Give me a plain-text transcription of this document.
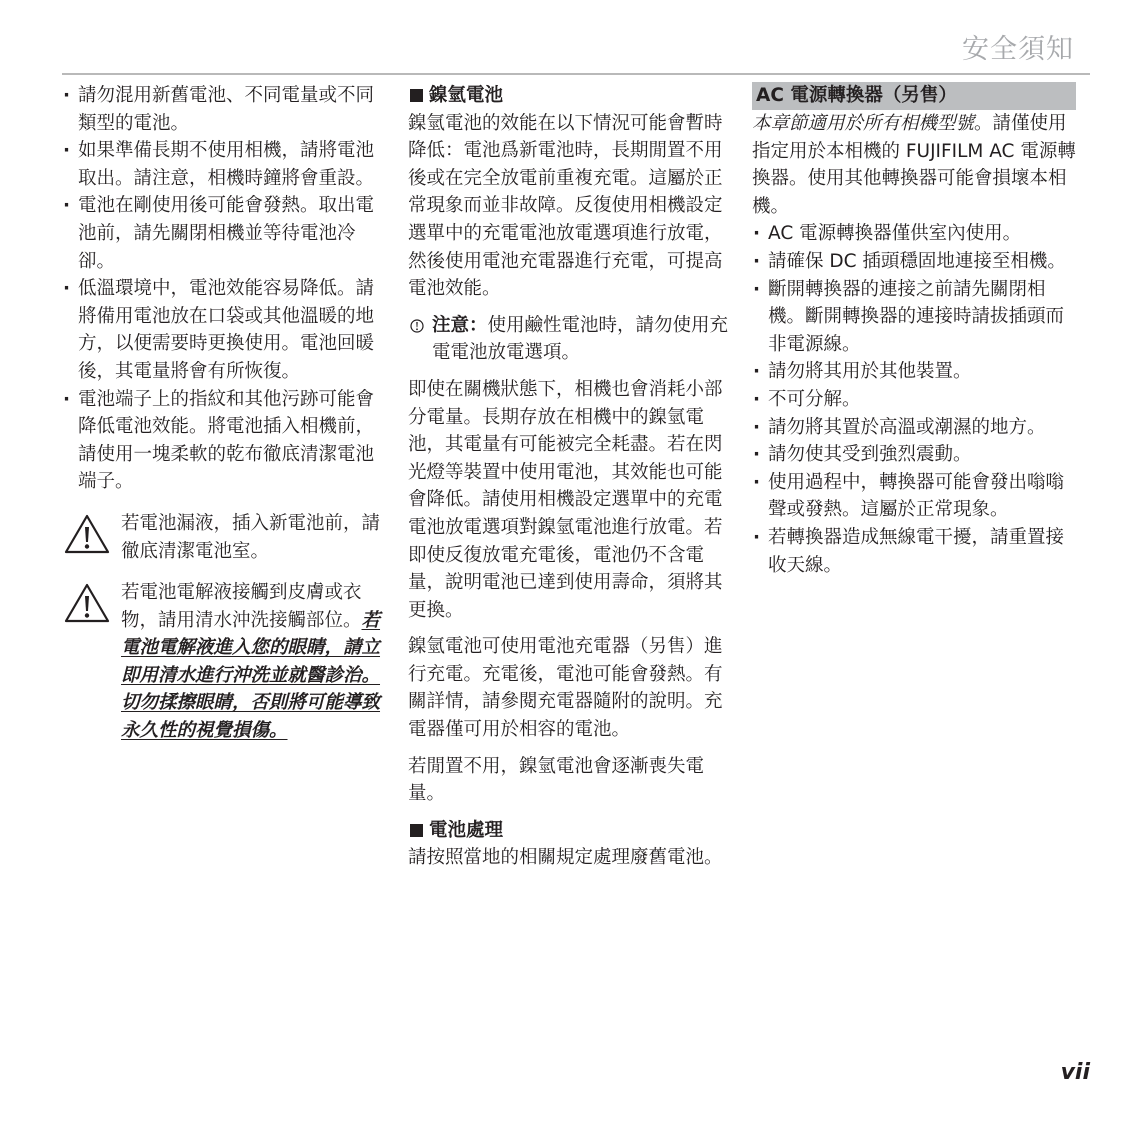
安全須知
· 請勿混用新舊電池、不同電量或不同類型的電池。
· 如果準備長期不使用相機，請將電池取出。請注意，相機時鐘將會重設。
· 電池在剛使用後可能會發熱。取出電池前，請先關閉相機並等待電池冷卻。
· 低溫環境中，電池效能容易降低。請將備用電池放在口袋或其他溫暖的地方，以便需要時更換使用。電池回暖後，其電量將會有所恢復。
· 電池端子上的指紋和其他污跡可能會降低電池效能。將電池插入相機前，請使用一塊柔軟的乾布徹底清潔電池端子。
若電池漏液，插入新電池前，請徹底清潔電池室。
若電池電解液接觸到皮膚或衣物，請用清水沖洗接觸部位。若電池電解液進入您的眼睛，請立即用清水進行沖洗並就醫診治。切勿揉擦眼睛，否則將可能導致永久性的視覺損傷。
鎳氫電池

鎳氫電池的效能在以下情況可能會暫時降低：電池爲新電池時，長期閒置不用後或在完全放電前重複充電。這屬於正常現象而並非故障。反復使用相機設定選單中的充電電池放電選項進行放電，然後使用電池充電器進行充電，可提高電池效能。

注意：使用鹼性電池時，請勿使用充電電池放電選項。

即使在關機狀態下，相機也會消耗小部分電量。長期存放在相機中的鎳氫電池，其電量有可能被完全耗盡。若在閃光燈等裝置中使用電池，其效能也可能會降低。請使用相機設定選單中的充電電池放電選項對鎳氫電池進行放電。若即使反復放電充電後，電池仍不含電量，說明電池已達到使用壽命，須將其更換。

鎳氫電池可使用電池充電器（另售）進行充電。充電後，電池可能會發熱。有關詳情，請參閱充電器隨附的說明。充電器僅可用於相容的電池。

若閒置不用，鎳氫電池會逐漸喪失電量。

電池處理

請按照當地的相關規定處理廢舊電池。

AC 電源轉換器（另售）

本章節適用於所有相機型號。請僅使用指定用於本相機的 FUJIFILM AC 電源轉換器。使用其他轉換器可能會損壞本相機。

· AC 電源轉換器僅供室內使用。
· 請確保 DC 插頭穩固地連接至相機。
· 斷開轉換器的連接之前請先關閉相機。斷開轉換器的連接時請拔插頭而非電源線。
· 請勿將其用於其他裝置。
· 不可分解。
· 請勿將其置於高溫或潮濕的地方。
· 請勿使其受到強烈震動。
· 使用過程中，轉換器可能會發出嗡嗡聲或發熱。這屬於正常現象。
· 若轉換器造成無線電干擾，請重置接收天線。
vii
